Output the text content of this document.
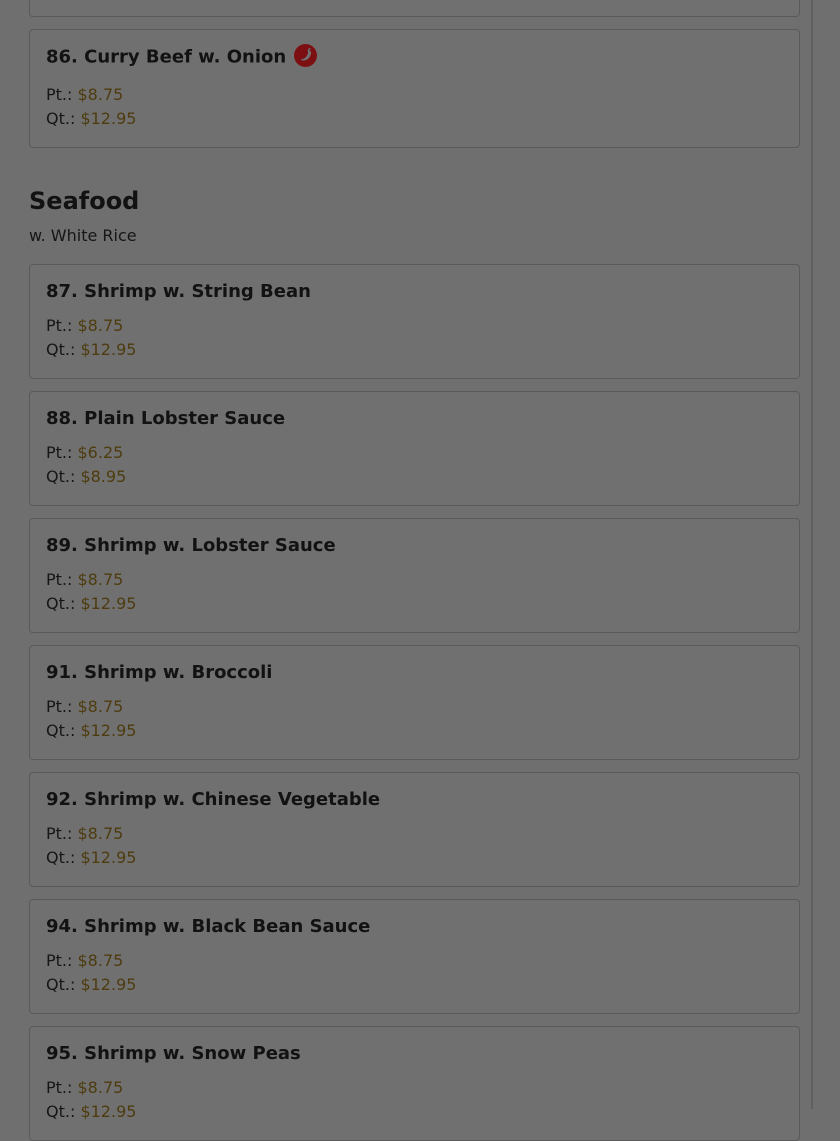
86. Curry Beef w. Onion
Pt.: $8.75
Qt.: $12.95
Seafood
w. White Rice
87. Shrimp w. String Bean
Pt.: $8.75
Qt.: $12.95
88. Plain Lobster Sauce
Pt.: $6.25
Qt.: $8.95
89. Shrimp w. Lobster Sauce
Pt.: $8.75
Qt.: $12.95
91. Shrimp w. Broccoli
Pt.: $8.75
Qt.: $12.95
92. Shrimp w. Chinese Vegetable
Pt.: $8.75
Qt.: $12.95
94. Shrimp w. Black Bean Sauce
Pt.: $8.75
Qt.: $12.95
95. Shrimp w. Snow Peas
Pt.: $8.75
Qt.: $12.95
